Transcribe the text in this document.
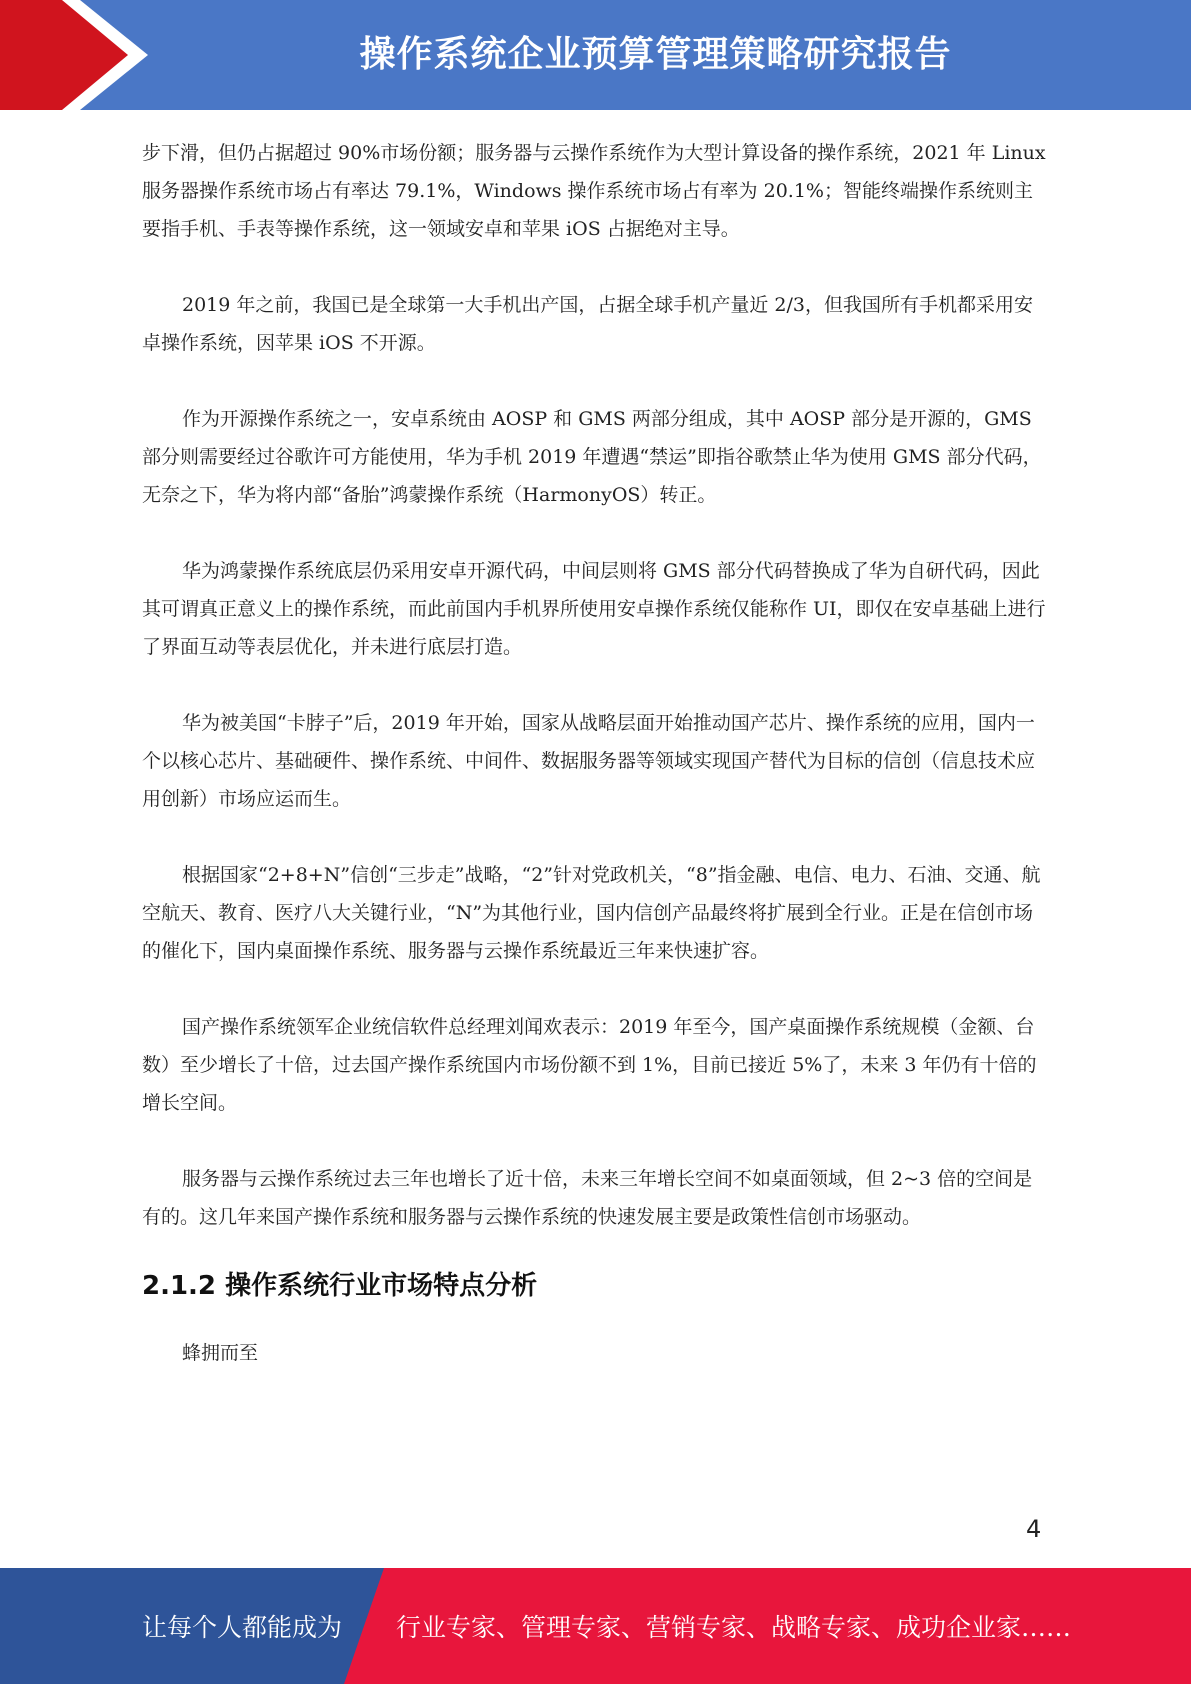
操作系统企业预算管理策略研究报告

步下滑，但仍占据超过 90%市场份额；服务器与云操作系统作为大型计算设备的操作系统，2021 年 Linux 服务器操作系统市场占有率达 79.1%，Windows 操作系统市场占有率为 20.1%；智能终端操作系统则主要指手机、手表等操作系统，这一领域安卓和苹果 iOS 占据绝对主导。

2019 年之前，我国已是全球第一大手机出产国，占据全球手机产量近 2/3，但我国所有手机都采用安卓操作系统，因苹果 iOS 不开源。

作为开源操作系统之一，安卓系统由 AOSP 和 GMS 两部分组成，其中 AOSP 部分是开源的，GMS 部分则需要经过谷歌许可方能使用，华为手机 2019 年遭遇“禁运”即指谷歌禁止华为使用 GMS 部分代码，无奈之下，华为将内部“备胎”鸿蒙操作系统（HarmonyOS）转正。

华为鸿蒙操作系统底层仍采用安卓开源代码，中间层则将 GMS 部分代码替换成了华为自研代码，因此其可谓真正意义上的操作系统，而此前国内手机界所使用安卓操作系统仅能称作 UI，即仅在安卓基础上进行了界面互动等表层优化，并未进行底层打造。

华为被美国“卡脖子”后，2019 年开始，国家从战略层面开始推动国产芯片、操作系统的应用，国内一个以核心芯片、基础硬件、操作系统、中间件、数据服务器等领域实现国产替代为目标的信创（信息技术应用创新）市场应运而生。

根据国家“2+8+N”信创“三步走”战略，“2”针对党政机关，“8”指金融、电信、电力、石油、交通、航空航天、教育、医疗八大关键行业，“N”为其他行业，国内信创产品最终将扩展到全行业。正是在信创市场的催化下，国内桌面操作系统、服务器与云操作系统最近三年来快速扩容。

国产操作系统领军企业统信软件总经理刘闻欢表示：2019 年至今，国产桌面操作系统规模（金额、台数）至少增长了十倍，过去国产操作系统国内市场份额不到 1%，目前已接近 5%了，未来 3 年仍有十倍的增长空间。

服务器与云操作系统过去三年也增长了近十倍，未来三年增长空间不如桌面领域，但 2~3 倍的空间是有的。这几年来国产操作系统和服务器与云操作系统的快速发展主要是政策性信创市场驱动。

2.1.2 操作系统行业市场特点分析

蜂拥而至

4
让每个人都能成为 行业专家、管理专家、营销专家、战略专家、成功企业家……
